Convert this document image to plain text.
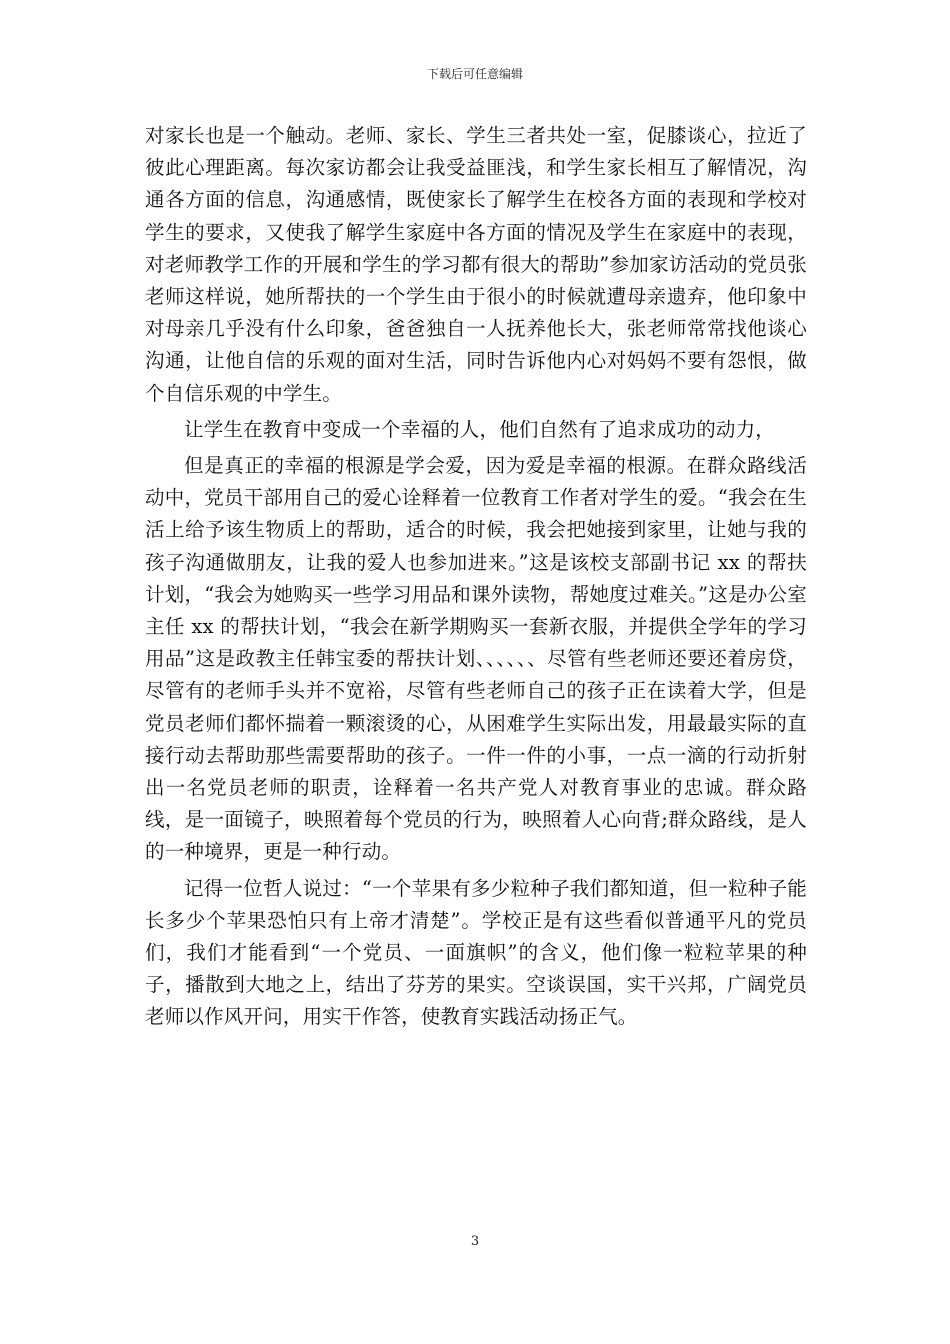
下载后可任意编辑

对家长也是一个触动。老师、家长、学生三者共处一室，促膝谈心，拉近了彼此心理距离。每次家访都会让我受益匪浅，和学生家长相互了解情况，沟通各方面的信息，沟通感情，既使家长了解学生在校各方面的表现和学校对学生的要求，又使我了解学生家庭中各方面的情况及学生在家庭中的表现，对老师教学工作的开展和学生的学习都有很大的帮助”参加家访活动的党员张老师这样说，她所帮扶的一个学生由于很小的时候就遭母亲遗弃，他印象中对母亲几乎没有什么印象，爸爸独自一人抚养他长大，张老师常常找他谈心沟通，让他自信的乐观的面对生活，同时告诉他内心对妈妈不要有怨恨，做个自信乐观的中学生。

让学生在教育中变成一个幸福的人，他们自然有了追求成功的动力，

但是真正的幸福的根源是学会爱，因为爱是幸福的根源。在群众路线活动中，党员干部用自己的爱心诠释着一位教育工作者对学生的爱。“我会在生活上给予该生物质上的帮助，适合的时候，我会把她接到家里，让她与我的孩子沟通做朋友，让我的爱人也参加进来。”这是该校支部副书记 xx 的帮扶计划，“我会为她购买一些学习用品和课外读物，帮她度过难关。”这是办公室主任 xx 的帮扶计划，“我会在新学期购买一套新衣服，并提供全学年的学习用品”这是政教主任韩宝委的帮扶计划、、、、、、尽管有些老师还要还着房贷，尽管有的老师手头并不宽裕，尽管有些老师自己的孩子正在读着大学，但是党员老师们都怀揣着一颗滚烫的心，从困难学生实际出发，用最最实际的直接行动去帮助那些需要帮助的孩子。一件一件的小事，一点一滴的行动折射出一名党员老师的职责，诠释着一名共产党人对教育事业的忠诚。群众路线，是一面镜子，映照着每个党员的行为，映照着人心向背;群众路线，是人的一种境界，更是一种行动。

记得一位哲人说过：“一个苹果有多少粒种子我们都知道，但一粒种子能长多少个苹果恐怕只有上帝才清楚”。学校正是有这些看似普通平凡的党员们，我们才能看到“一个党员、一面旗帜”的含义，他们像一粒粒苹果的种子，播散到大地之上，结出了芬芳的果实。空谈误国，实干兴邦，广阔党员老师以作风开问，用实干作答，使教育实践活动扬正气。

3
